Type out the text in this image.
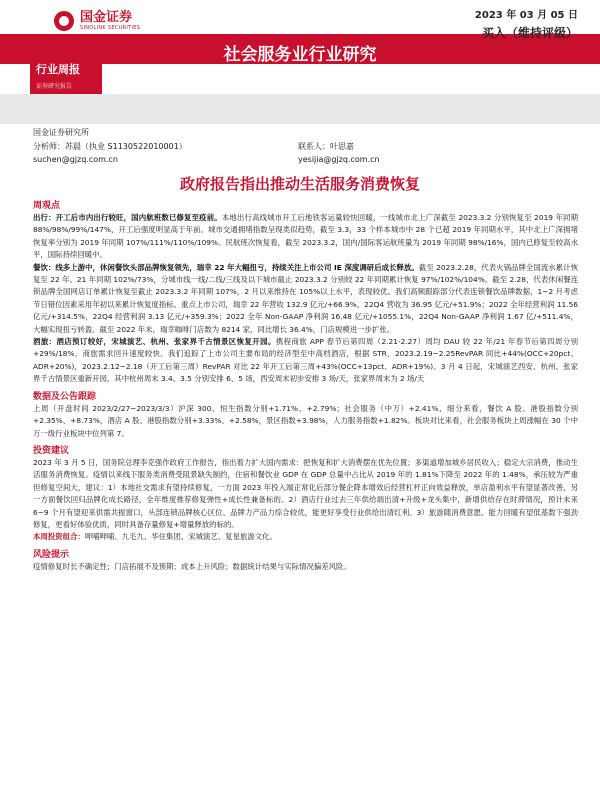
国金证券
SINOLINK SECURITIES
2023 年 03 月 05 日
社会服务业行业研究
买入（维持评级）
行业周报
证券研究报告
国金证券研究所
分析师：苏晨（执业 S1130522010001）
suchen@gjzq.com.cn
联系人：叶思嘉
yesijia@gjzq.com.cn
政府报告指出推动生活服务消费恢复
周观点

出行：开工后市内出行较旺，国内航班数已修复至疫前。本地出行高线城市开工后地铁客运量较快回暖，一线城市北上广深截至 2023.3.2 分别恢复至 2019 年同期 88%/98%/99%/147%，开工后强度明显高于年前。城市交通拥堵指数呈现类似趋势，截至 3.3，33 个样本城市中 28 个已超 2019 年同期水平，其中北上广深拥堵恢复率分别为 2019 年同期 107%/111%/110%/109%。民航班次恢复看，截至 2023.3.2，国内/国际客运航班量为 2019 年同期 98%/16%，国内已修复至较高水平，国际持续回暖中。

餐饮：线多上游中，休闲餐饮头部品牌恢复领先，瑞幸 22 年大幅扭亏，持续关注上市公司 IE 深度调研后成长释放。截至 2023.2.28，代表火锅品牌全国流水累计恢复至 22 年、21 年同期 102%/73%，分城市线一线/二线/三线及以下城市截止 2023.3.2 分别较 22 年同期累计恢复 97%/102%/104%。截至 2.28，代表休闲餐连锁品牌全国网店订单累计恢复至截止 2023.3.2 年同期 107%，2 月以来维持在 105%以上水平，表现较优。我们高频跟踪部分代表连锁餐饮品牌数据，1~2 月考虑节日错位因素采用年初以来累计恢复度指标。重点上市公司，瑞幸 22 年营收 132.9 亿元/+66.9%，22Q4 营收为 36.95 亿元/+51.9%；2022 全年经营利润 11.56 亿元/+314.5%，22Q4 经营利润 3.13 亿元/+359.3%；2022 全年 Non-GAAP 净利润 16.48 亿元/+1055.1%，22Q4 Non-GAAP 净利润 1.67 亿/+511.4%，大幅实现扭亏转盈。截至 2022 年末，瑞幸咖啡门店数为 8214 家，同比增长 36.4%，门店规模进一步扩张。

酒旅：酒店预订较好，宋城演艺、杭州、张家界千古情景区恢复开园。携程商旅 APP 春节后第四周（2.21-2.27）周均 DAU 较 22 年/21 年春节后第四周分别+29%/18%，商旅需求回升速度较快。我们追踪了上市公司主要布局的经济型至中高档酒店，根据 STR，2023.2.19~2.25RevPAR 同比+44%(OCC+20pct、ADR+20%)，2023.2.12~2.18（开工后第三周）RevPAR 对比 22 年开工后第三周+43%(OCC+13pct、ADR+19%)。3 月 4 日起，宋城演艺西安、杭州、张家界千古情景区重新开园，其中杭州周末 3.4、3.5 分别安排 6、5 场，西安周末初步安排 3 场/天，张家界周末为 2 场/天

数据及公告跟踪

上周（开盘时间 2023/2/27~2023/3/3）沪深 300、恒生指数分别+1.71%、+2.79%；社会服务（中万）+2.41%，细分来看，餐饮 A 股、港股指数分别+2.35%、+8.73%，酒店 A 股、港股指数分别+3.33%、+2.58%，景区指数+3.98%，人力服务指数+1.82%。板块对比来看，社会服务板块上周涨幅在 30 个中万一级行业板块中位列第 7。

投资建议

2023 年 3 月 5 日，国务院总理李克强作政府工作报告，指出着力扩大国内需求：把恢复和扩大消费摆在优先位置；多渠道增加城乡居民收入；稳定大宗消费，推动生活服务消费恢复。疫情以来线下服务类消费受阻景缺失制约，住宿和餐饮业 GDP 在 GDP 总量中占比从 2019 年的 1.81%下降至 2022 年的 1.48%，承压较为严重但修复空间大，建议：1）本地社交需求有望持续修复，一方面 2023 年投入端正常化后部分餐企降本增效后经营杠杆正向效益释放，单店盈利水平有望显著改善，另一方面餐饮回归品牌化成长路径，全年维度推荐修复弹性+成长性兼备标的。2）酒店行业过去三年供给端出清+升级+龙头集中，新增供给存在时滞情况，预计未来 6~9 个月有望迎来供需共振窗口，头部连锁品牌核心区位、品牌力产品力综合较优，能更好享受行业供给出清红利。3）旅游随消费意愿、能力回暖有望低基数下强劲修复，更看好体验优质，同时具备存量修复+增量释放的标的。

本周投资组合：呷哺呷哺、九毛九、华住集团、宋城演艺、复星旅游文化。
风险提示

疫情修复时长不确定性；门店拓展不及预期；成本上升风险；数据统计结果与实际情况偏差风险。
